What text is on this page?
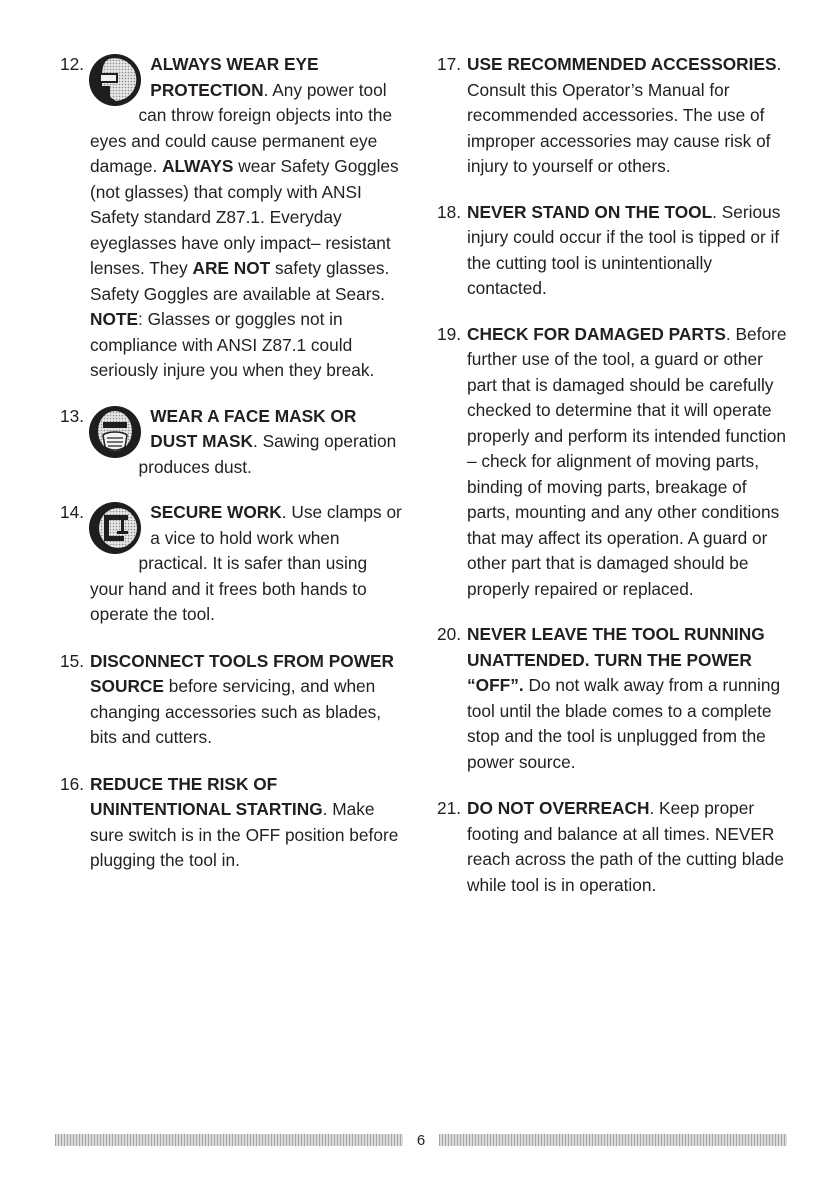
12.	ALWAYS WEAR EYE PROTECTION. Any power tool can throw foreign objects into the eyes and could cause permanent eye damage. ALWAYS wear Safety Goggles (not glasses) that comply with ANSI Safety standard Z87.1. Everyday eyeglasses have only impact– resistant lenses. They ARE NOT safety glasses. Safety Goggles are available at Sears. NOTE: Glasses or goggles not in compliance with ANSI Z87.1 could seriously injure you when they break.

13.	WEAR A FACE MASK OR DUST MASK. Sawing operation produces dust.

14.	SECURE WORK. Use clamps or a vice to hold work when practical. It is safer than using your hand and it frees both hands to operate the tool.

15. DISCONNECT TOOLS FROM POWER SOURCE before servicing, and when changing accessories such as blades, bits and cutters.

16. REDUCE THE RISK OF UNINTENTIONAL STARTING. Make sure switch is in the OFF position before plugging the tool in.

17. USE RECOMMENDED ACCESSORIES. Consult this Operator’s Manual for recommended accessories. The use of improper accessories may cause risk of injury to yourself or others.

18. NEVER STAND ON THE TOOL. Serious injury could occur if the tool is tipped or if the cutting tool is unintentionally contacted.

19. CHECK FOR DAMAGED PARTS. Before further use of the tool, a guard or other part that is damaged should be carefully checked to determine that it will operate properly and perform its intended function – check for alignment of moving parts, binding of moving parts, breakage of parts, mounting and any other conditions that may affect its operation. A guard or other part that is damaged should be properly repaired or replaced.

20. NEVER LEAVE THE TOOL RUNNING UNATTENDED. TURN THE POWER “OFF”. Do not walk away from a running tool until the blade comes to a complete stop and the tool is unplugged from the power source.

21. DO NOT OVERREACH. Keep proper footing and balance at all times. NEVER reach across the path of the cutting blade while tool is in operation.

6
